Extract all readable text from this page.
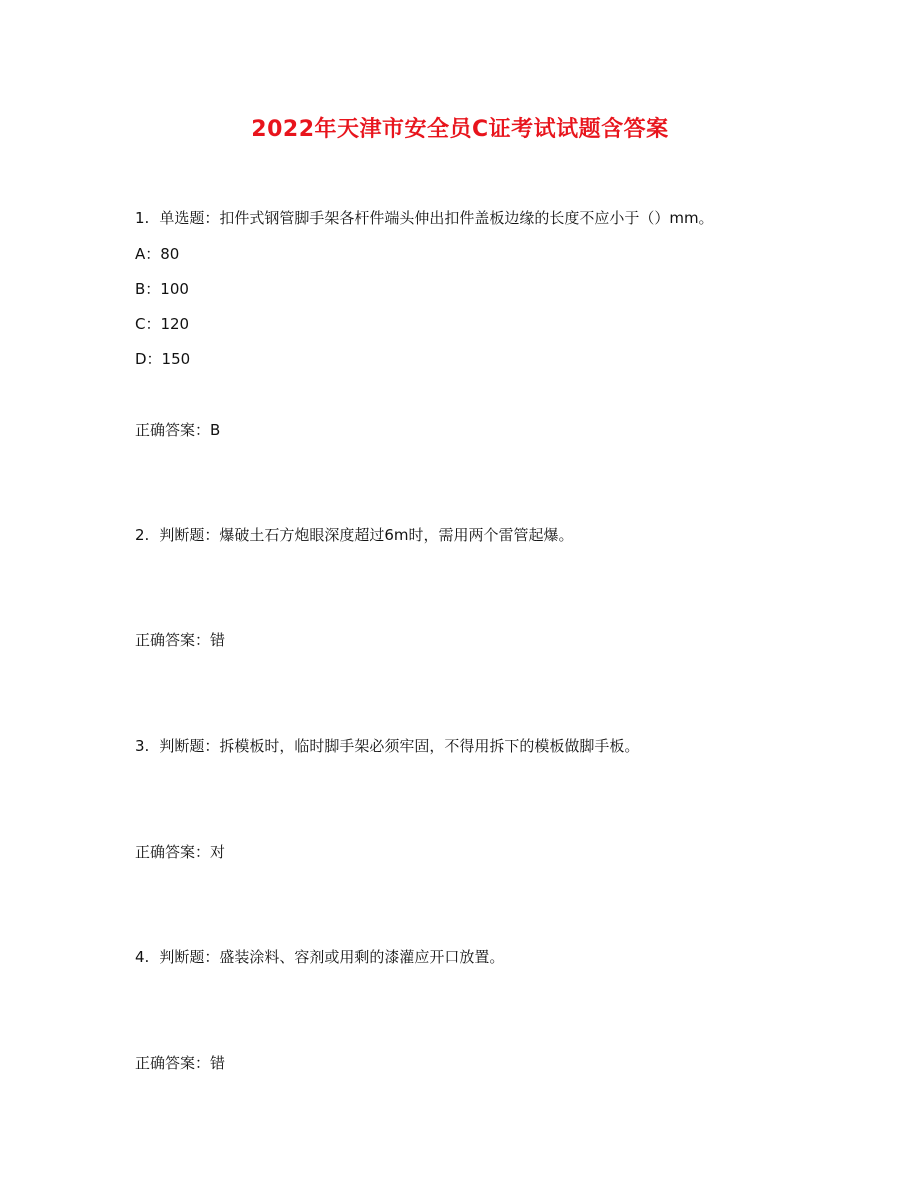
2022年天津市安全员C证考试试题含答案
1. 单选题：扣件式钢管脚手架各杆件端头伸出扣件盖板边缘的长度不应小于（）mm。
A：80
B：100
C：120
D：150
正确答案：B
2. 判断题：爆破土石方炮眼深度超过6m时，需用两个雷管起爆。
正确答案：错
3. 判断题：拆模板时，临时脚手架必须牢固，不得用拆下的模板做脚手板。
正确答案：对
4. 判断题：盛装涂料、容剂或用剩的漆灌应开口放置。
正确答案：错
